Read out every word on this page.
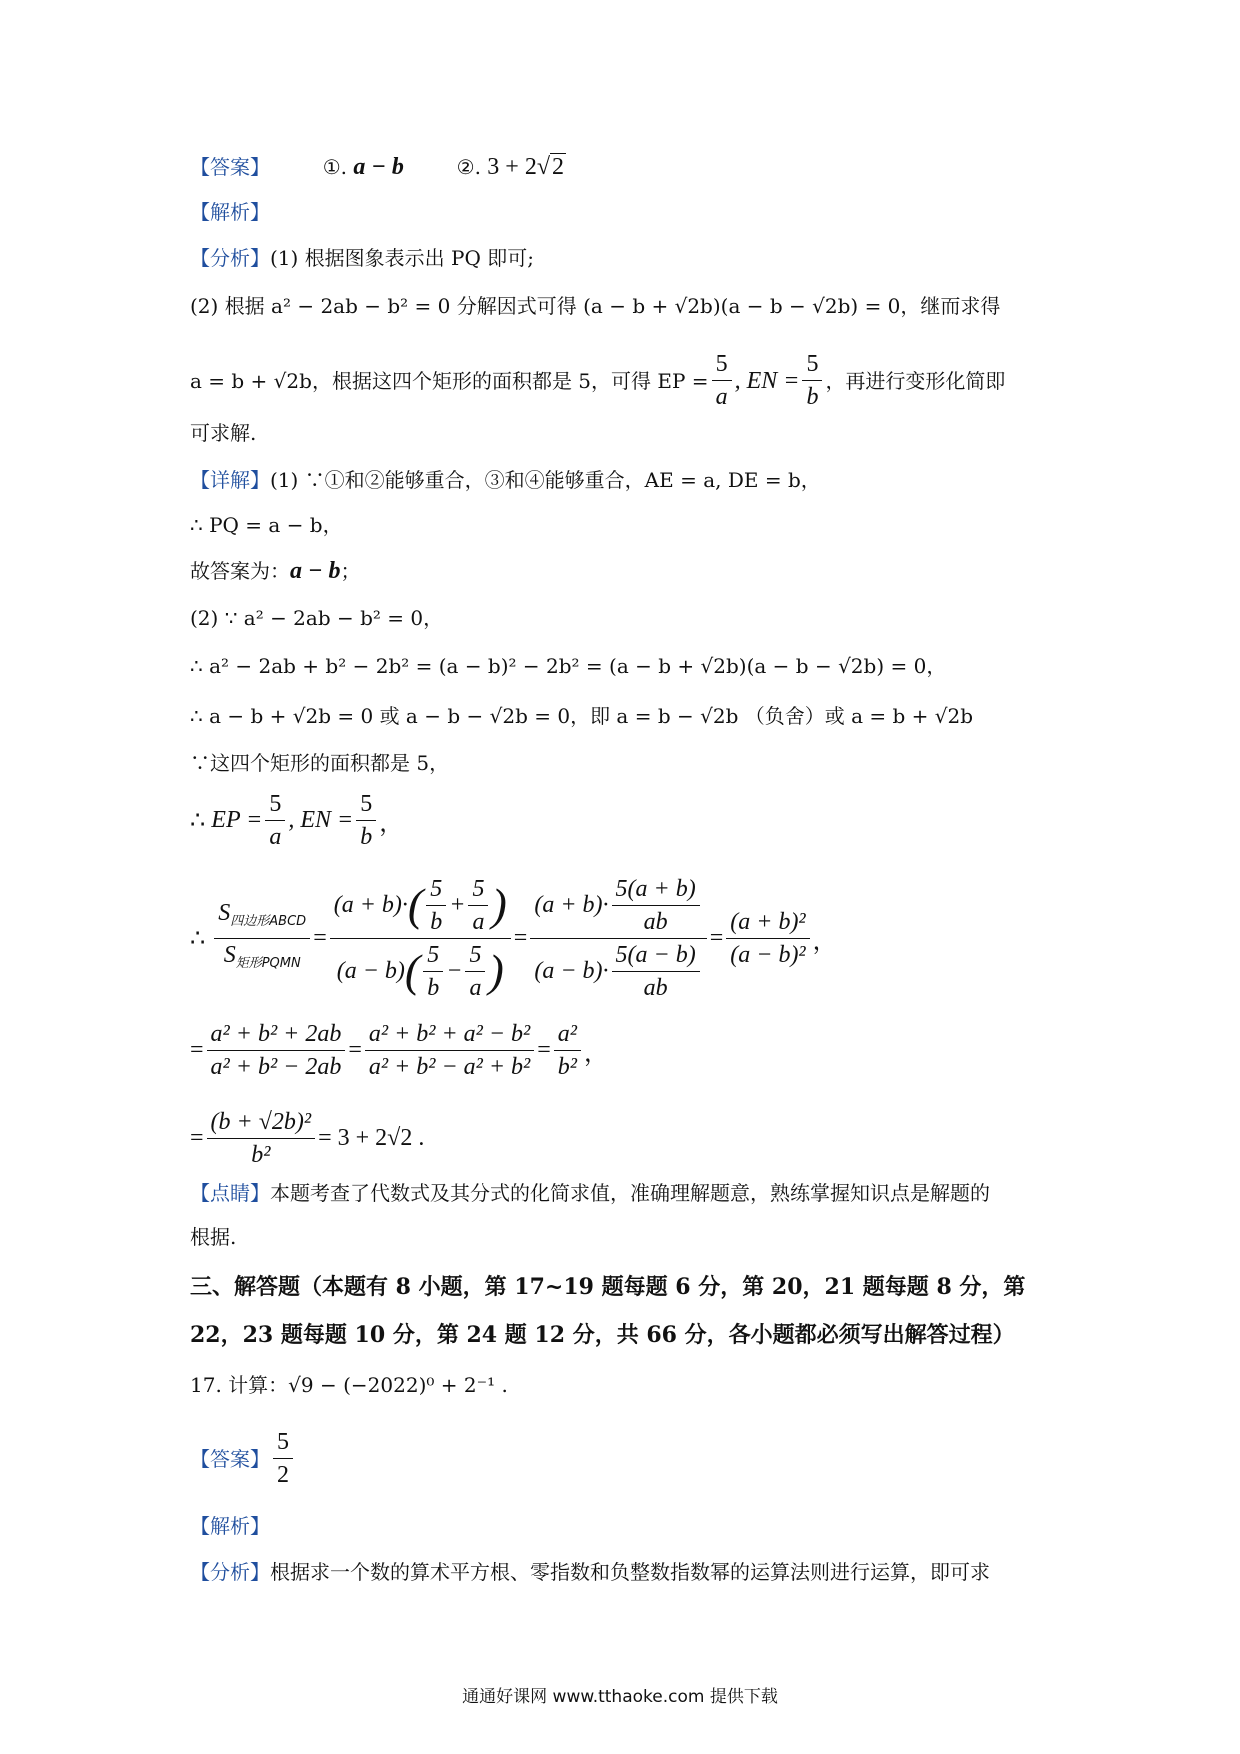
【答案】	①. a − b	②. 3 + 2√2
【解析】
【分析】(1) 根据图象表示出 PQ 即可;
(2) 根据 a² − 2ab − b² = 0 分解因式可得 (a − b + √2b)(a − b − √2b) = 0，继而求得
a = b + √2b，根据这四个矩形的面积都是 5，可得 EP = $\frac{5}{a}$ , EN = $\frac{5}{b}$ ，再进行变形化简即
可求解.
【详解】(1) ∵①和②能够重合，③和④能够重合，AE = a, DE = b，
∴ PQ = a − b，
故答案为：a − b；
(2) ∵ a² − 2ab − b² = 0，
∴ a² − 2ab + b² − 2b² = (a − b)² − 2b² = (a − b + √2b)(a − b − √2b) = 0，
∴ a − b + √2b = 0 或 a − b − √2b = 0，即 a = b − √2b （负舍）或 a = b + √2b
∵这四个矩形的面积都是 5，
∴
EP = $\frac{5}{a}$ , EN = $\frac{5}{b}$ ，
∴
$\frac{S_{四边形ABCD}}{S_{矩形PQMN}} = \frac{(a + b)\cdot ( \frac{5}{b} + \frac{5}{a} )}{(a - b) ( \frac{5}{b} - \frac{5}{a} )} = \frac{(a + b)\cdot \frac{5(a + b)}{ab}}{(a - b)\cdot \frac{5(a - b)}{ab}} = \frac{\text{(a + b)²}}{\text{(a − b)²}}$ ，
= $\frac{\text{a² + b² + 2ab}}{\text{a² + b² − 2ab}} = \frac{\text{a² + b² + a² − b²}}{\text{a² + b² − a² + b²}} = \frac{\text{a²}}{\text{b²}}$ ，
= $\frac{\text{(b + √2b)²}}{\text{b²}} = 3 + 2√2$ .
【点睛】本题考查了代数式及其分式的化简求值，准确理解题意，熟练掌握知识点是解题的
根据.
三、解答题（本题有 8 小题，第 17~19 题每题 6 分，第 20，21 题每题 8 分，第
22，23 题每题 10 分，第 24 题 12 分，共 66 分，各小题都必须写出解答过程）
17. 计算：√9 − (−2022)⁰ + 2⁻¹ .
【答案】 $\frac{5}{2}$
【解析】
【分析】根据求一个数的算术平方根、零指数和负整数指数幂的运算法则进行运算，即可求
通通好课网 www.tthaoke.com 提供下载
